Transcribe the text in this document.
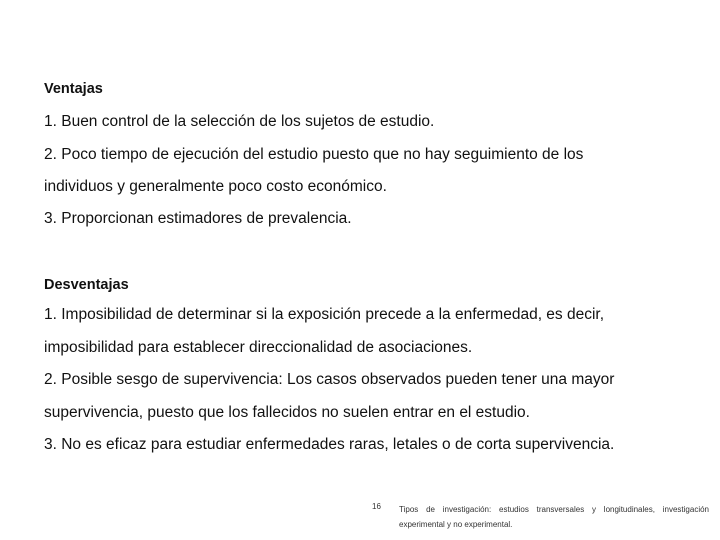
Ventajas

1. Buen control de la selección de los sujetos de estudio.

2. Poco tiempo de ejecución del estudio puesto que no hay seguimiento de los

individuos y generalmente poco costo económico.

3. Proporcionan estimadores de prevalencia.

Desventajas

1. Imposibilidad de determinar si la exposición precede a la enfermedad, es decir,

imposibilidad para establecer direccionalidad de asociaciones.

2. Posible sesgo de supervivencia: Los casos observados pueden tener una mayor

supervivencia, puesto que los fallecidos no suelen entrar en el estudio.

3. No es eficaz para estudiar enfermedades raras, letales o de corta supervivencia.

16 Tipos de investigación: estudios transversales y longitudinales, investigación experimental y no experimental.
